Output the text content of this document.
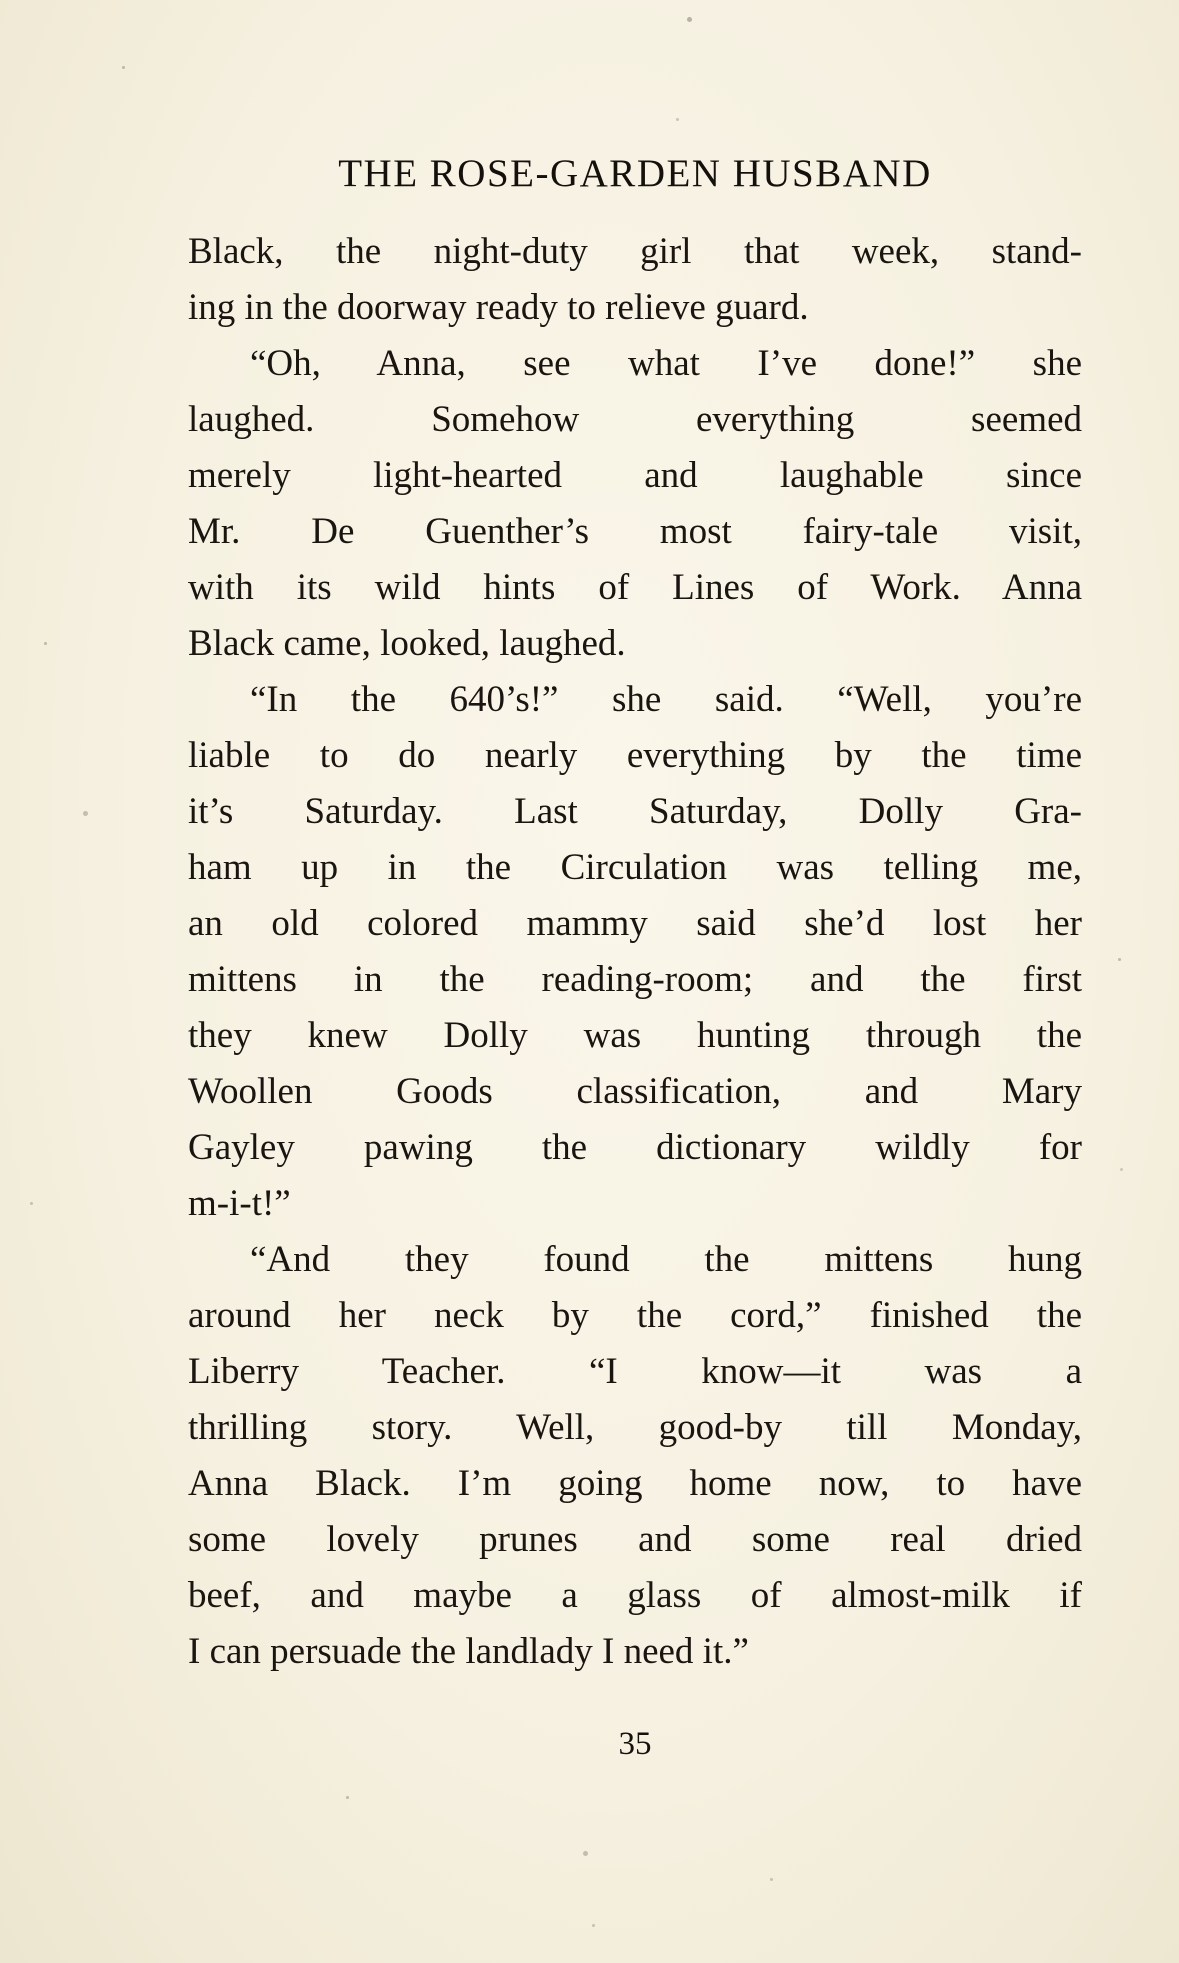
THE ROSE-GARDEN HUSBAND

Black, the night-duty girl that week, stand-
ing in the doorway ready to relieve guard.

“Oh, Anna, see what I’ve done!” she
laughed. Somehow everything seemed
merely light-hearted and laughable since
Mr. De Guenther’s most fairy-tale visit,
with its wild hints of Lines of Work. Anna
Black came, looked, laughed.

“In the 640’s!” she said. “Well, you’re
liable to do nearly everything by the time
it’s Saturday. Last Saturday, Dolly Gra-
ham up in the Circulation was telling me,
an old colored mammy said she’d lost her
mittens in the reading-room; and the first
they knew Dolly was hunting through the
Woollen Goods classification, and Mary
Gayley pawing the dictionary wildly for
m-i-t!”

“And they found the mittens hung
around her neck by the cord,” finished the
Liberry Teacher. “I know—it was a
thrilling story. Well, good-by till Monday,
Anna Black. I’m going home now, to have
some lovely prunes and some real dried
beef, and maybe a glass of almost-milk if
I can persuade the landlady I need it.”

35
